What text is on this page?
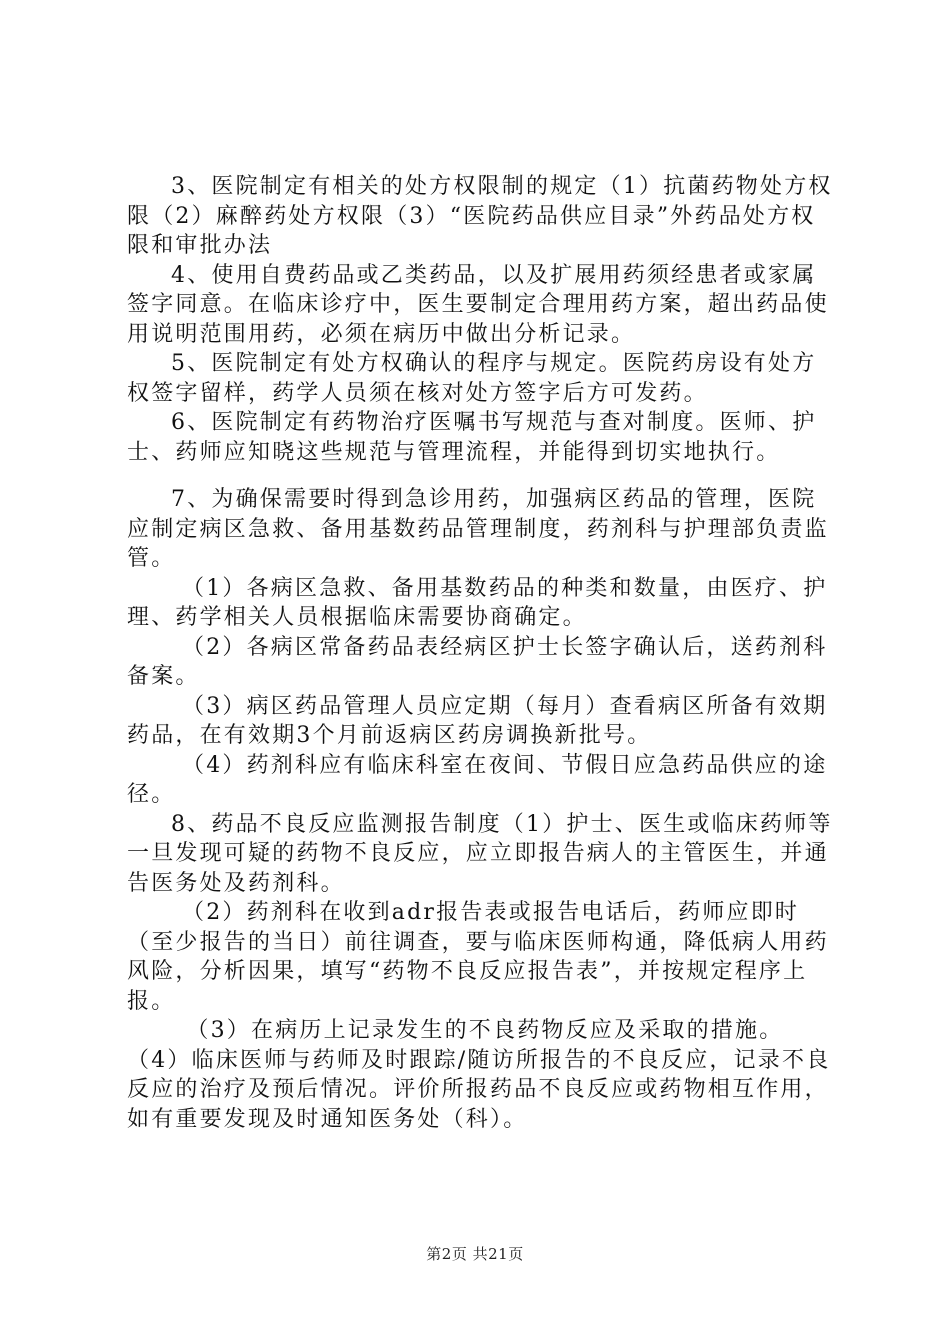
3、医院制定有相关的处方权限制的规定（1）抗菌药物处方权限（2）麻醉药处方权限（3）“医院药品供应目录”外药品处方权限和审批办法

4、使用自费药品或乙类药品，以及扩展用药须经患者或家属签字同意。在临床诊疗中，医生要制定合理用药方案，超出药品使用说明范围用药，必须在病历中做出分析记录。

5、医院制定有处方权确认的程序与规定。医院药房设有处方权签字留样，药学人员须在核对处方签字后方可发药。

6、医院制定有药物治疗医嘱书写规范与查对制度。医师、护士、药师应知晓这些规范与管理流程，并能得到切实地执行。

7、为确保需要时得到急诊用药，加强病区药品的管理，医院应制定病区急救、备用基数药品管理制度，药剂科与护理部负责监管。

（1）各病区急救、备用基数药品的种类和数量，由医疗、护理、药学相关人员根据临床需要协商确定。

（2）各病区常备药品表经病区护士长签字确认后，送药剂科备案。

（3）病区药品管理人员应定期（每月）查看病区所备有效期药品，在有效期3个月前返病区药房调换新批号。

（4）药剂科应有临床科室在夜间、节假日应急药品供应的途径。

8、药品不良反应监测报告制度（1）护士、医生或临床药师等一旦发现可疑的药物不良反应，应立即报告病人的主管医生，并通告医务处及药剂科。

（2）药剂科在收到adr报告表或报告电话后，药师应即时（至少报告的当日）前往调查，要与临床医师构通，降低病人用药风险，分析因果，填写“药物不良反应报告表”，并按规定程序上报。

（3）在病历上记录发生的不良药物反应及采取的措施。

（4）临床医师与药师及时跟踪/随访所报告的不良反应，记录不良反应的治疗及预后情况。评价所报药品不良反应或药物相互作用，如有重要发现及时通知医务处（科）。

第2页 共21页
